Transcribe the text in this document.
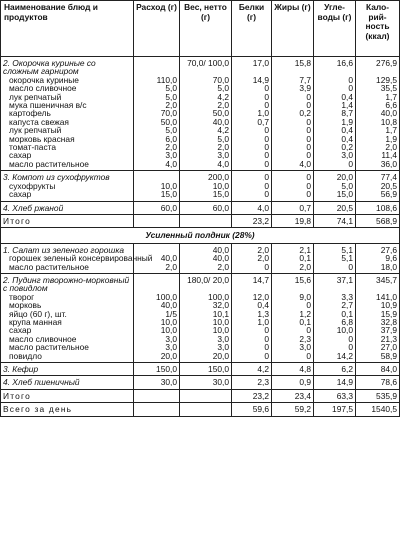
Наименование блюд и продуктов	Расход (г)	Вес, нетто (г)	Белки (г)	Жиры (г)	Угле-воды (г)	Кало-рий-ность (ккал)
2. Окорочка куриные со сложным гарниром		70,0/ 100,0	17,0	15,8	16,6	276,9
окорочка куриные	110,0	70,0	14,9	7,7	0	129,5
масло сливочное	5,0	5,0	0	3,9	0	35,5
лук репчатый	5,0	4,2	0	0	0,4	1,7
мука пшеничная в/с	2,0	2,0	0	0	1,4	6,6
картофель	70,0	50,0	1,0	0,2	8,7	40,0
капуста свежая	50,0	40,0	0,7	0	1,9	10,8
лук репчатый	5,0	4,2	0	0	0,4	1,7
морковь красная	6,0	5,0	0	0	0,4	1,9
томат-паста	2,0	2,0	0	0	0,2	2,0
сахар	3,0	3,0	0	0	3,0	11,4
масло растительное	4,0	4,0	0	4,0	0	36,0
3. Компот из сухофруктов		200,0	0	0	20,0	77,4
сухофрукты	10,0	10,0	0	0	5,0	20,5
сахар	15,0	15,0	0	0	15,0	56,9
4. Хлеб ржаной	60,0	60,0	4,0	0,7	20,5	108,6
Итого			23,2	19,8	74,1	568,9
Усиленный полдник (28%)						
1. Салат из зеленого горошка		40,0	2,0	2,1	5,1	27,6
горошек зеленый консервированный	40,0	40,0	2,0	0,1	5,1	9,6
масло растительное	2,0	2,0	0	2,0	0	18,0
2. Пудинг творожно-морковный с повидлом		180,0/ 20,0	14,7	15,6	37,1	345,7
творог	100,0	100,0	12,0	9,0	3,3	141,0
морковь	40,0	32,0	0,4	0	2,7	10,9
яйцо (60 г), шт.	1/5	10,1	1,3	1,2	0,1	15,9
крупа манная	10,0	10,0	1,0	0,1	6,8	32,8
сахар	10,0	10,0	0	0	10,0	37,9
масло сливочное	3,0	3,0	0	2,3	0	21,3
масло растительное	3,0	3,0	0	3,0	0	27,0
повидло	20,0	20,0	0	0	14,2	58,9
3. Кефир	150,0	150,0	4,2	4,8	6,2	84,0
4. Хлеб пшеничный	30,0	30,0	2,3	0,9	14,9	78,6
Итого			23,2	23,4	63,3	535,9
Всего за день			59,6	59,2	197,5	1540,5
